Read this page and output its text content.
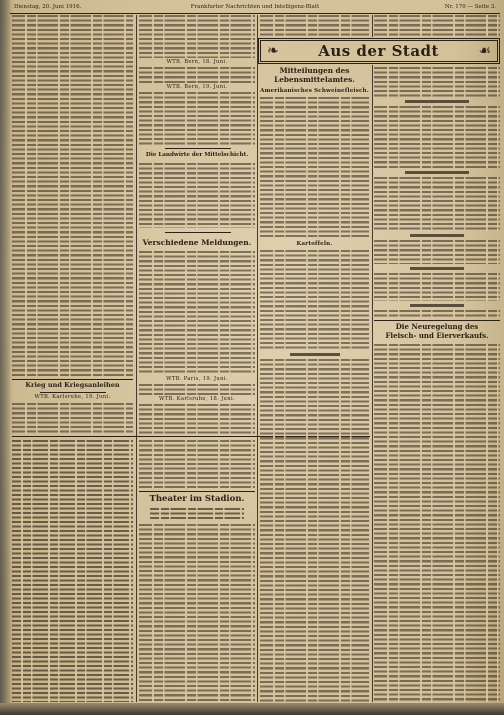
Dienstag, 20. Juni 1916.	Frankfurter Nachrichten und Intelligenz-Blatt	Nr. 170 — Seite 3.
Krieg und Kriegsanleihen
WTB. Karlsruhe, 19. Juni.
WTB. Bern, 18. Juni.
WTB. Bern, 19. Juni.
Die Landwirte der Mittelschicht.
Verschiedene Meldungen.
WTB. Paris, 19. Juni.
WTB. Karlsruhe, 18. Juni.
Theater im Stadion.
❧
Aus der Stadt
☙
Mitteilungen des Lebensmittelamtes.
Amerikanisches Schweinefleisch.
Kartoffeln.
Die Neuregelung des
Fleisch- und Eierverkaufs.
